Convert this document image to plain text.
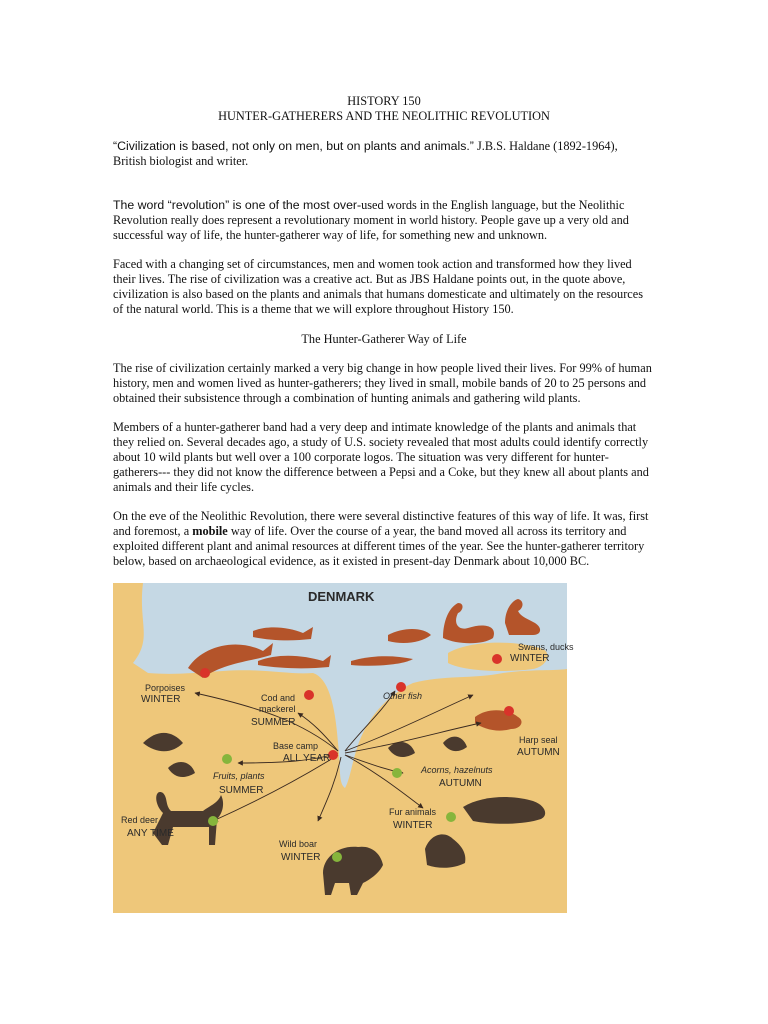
HISTORY 150
HUNTER-GATHERERS AND THE NEOLITHIC REVOLUTION

“Civilization is based, not only on men, but on plants and animals.” J.B.S. Haldane (1892-1964), British biologist and writer.

The word “revolution” is one of the most over-used words in the English language, but the Neolithic Revolution really does represent a revolutionary moment in world history. People gave up a very old and successful way of life, the hunter-gatherer way of life, for something new and unknown.

Faced with a changing set of circumstances, men and women took action and transformed how they lived their lives. The rise of civilization was a creative act. But as JBS Haldane points out, in the quote above, civilization is also based on the plants and animals that humans domesticate and ultimately on the resources of the natural world. This is a theme that we will explore throughout History 150.

The Hunter-Gatherer Way of Life

The rise of civilization certainly marked a very big change in how people lived their lives. For 99% of human history, men and women lived as hunter-gatherers; they lived in small, mobile bands of 20 to 25 persons and obtained their subsistence through a combination of hunting animals and gathering wild plants.

Members of a hunter-gatherer band had a very deep and intimate knowledge of the plants and animals that they relied on. Several decades ago, a study of U.S. society revealed that most adults could identify correctly about 10 wild plants but well over a 100 corporate logos. The situation was very different for hunter-gatherers--- they did not know the difference between a Pepsi and a Coke, but they knew all about plants and animals and their life cycles.

On the eve of the Neolithic Revolution, there were several distinctive features of this way of life. It was, first and foremost, a mobile way of life. Over the course of a year, the band moved all across its territory and exploited different plant and animal resources at different times of the year. See the hunter-gatherer territory below, based on archaeological evidence, as it existed in present-day Denmark about 10,000 BC.

DENMARK
Swans, ducks
WINTER
Porpoises
WINTER	Cod and
mackerel
SUMMER
Other fish
Harp seal
AUTUMN
Base camp
ALL YEAR
Fruits, plants
SUMMER
Acorns, hazelnuts
AUTUMN
Red deer
ANY TIME
Fur animals
WINTER
Wild boar
WINTER
